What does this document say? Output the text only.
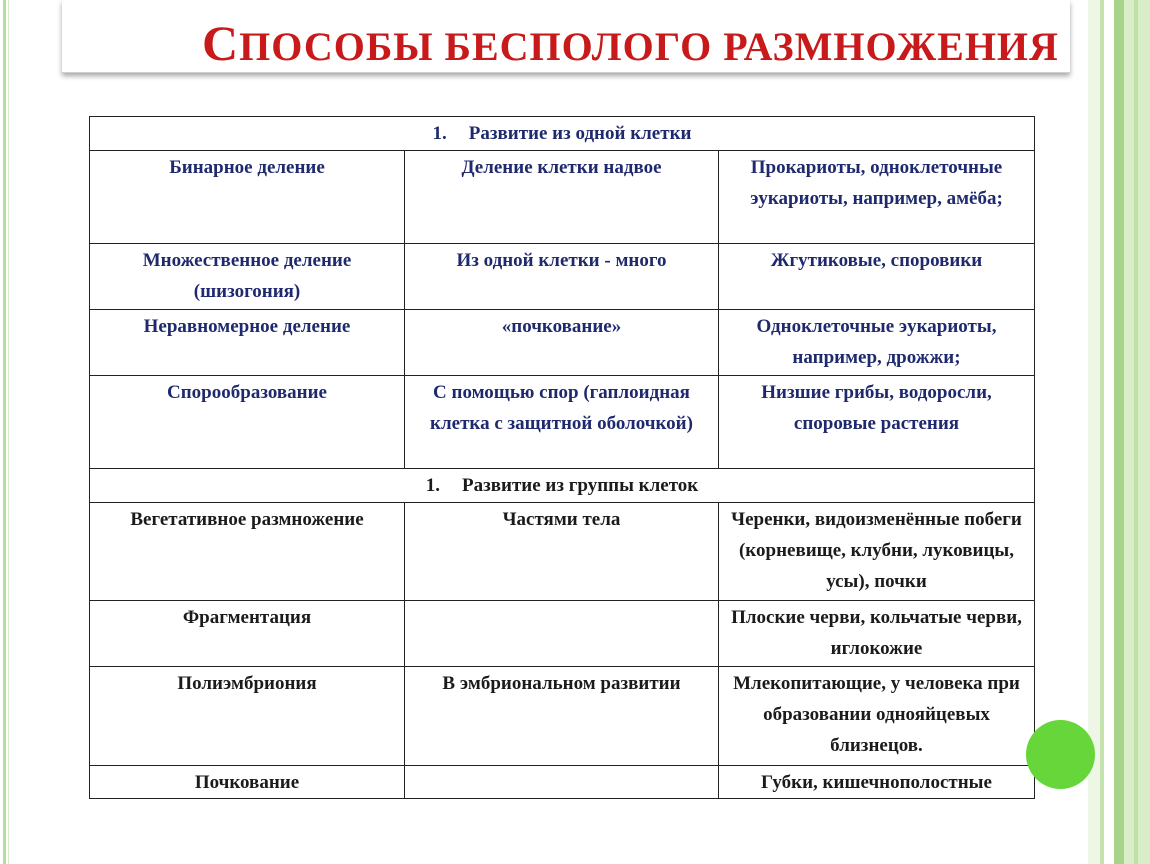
СПОСОБЫ БЕСПОЛОГО РАЗМНОЖЕНИЯ
1. Развитие из одной клетки		
Бинарное деление	Деление клетки надвое	Прокариоты, одноклеточные эукариоты, например, амёба;
Множественное деление (шизогония)	Из одной клетки - много	Жгутиковые, споровики
Неравномерное деление	«почкование»	Одноклеточные эукариоты, например, дрожжи;
Спорообразование	С помощью спор (гаплоидная клетка с защитной оболочкой)	Низшие грибы, водоросли, споровые растения
1. Развитие из группы клеток		
Вегетативное размножение	Частями тела	Черенки, видоизменённые побеги (корневище, клубни, луковицы, усы), почки
Фрагментация		Плоские черви, кольчатые черви, иглокожие
Полиэмбриония	В эмбриональном развитии	Млекопитающие, у человека при образовании однояйцевых близнецов.
Почкование		Губки, кишечнополостные
